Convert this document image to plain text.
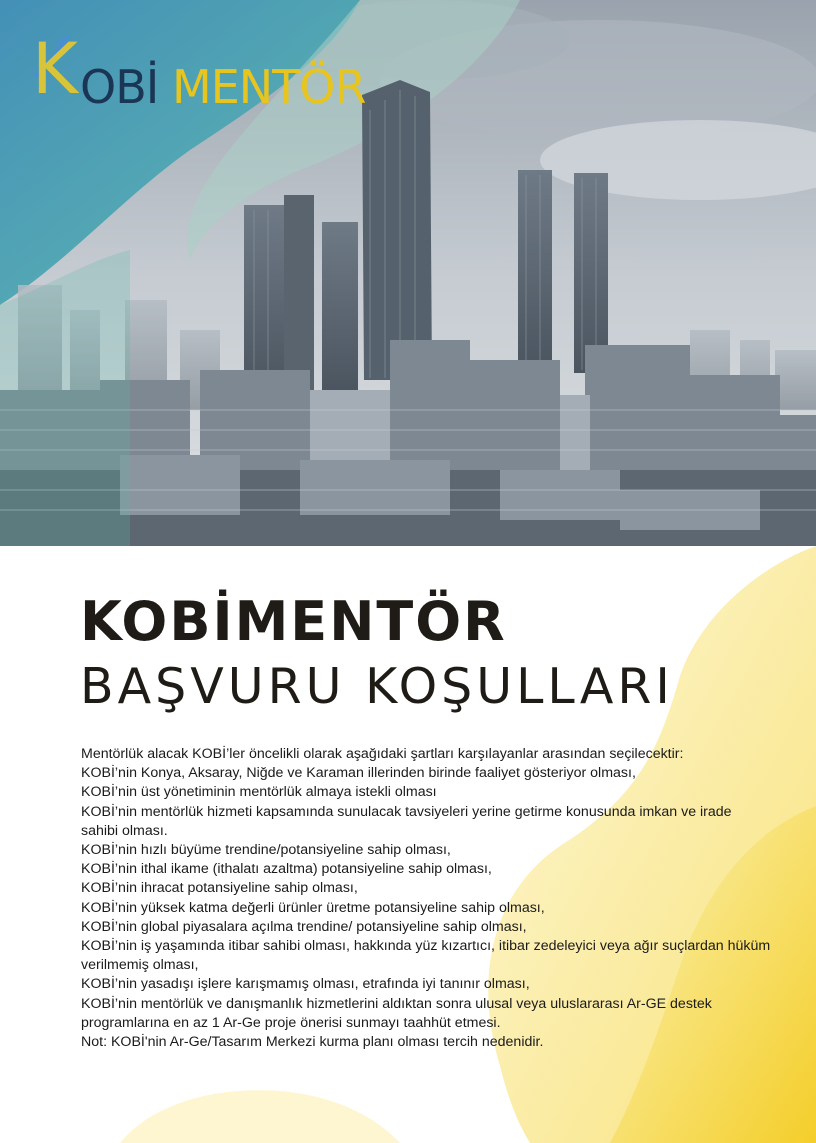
K OBİ MENTÖR
KOBİMENTÖR
BAŞVURU KOŞULLARI

Mentörlük alacak KOBİ’ler öncelikli olarak aşağıdaki şartları karşılayanlar arasından seçilecektir:

KOBİ’nin Konya, Aksaray, Niğde ve Karaman illerinden birinde faaliyet gösteriyor olması,

KOBİ’nin üst yönetiminin mentörlük almaya istekli olması

KOBİ’nin mentörlük hizmeti kapsamında sunulacak tavsiyeleri yerine getirme konusunda imkan ve irade sahibi olması.

KOBİ’nin hızlı büyüme trendine/potansiyeline sahip olması,

KOBİ’nin ithal ikame (ithalatı azaltma) potansiyeline sahip olması,

KOBİ’nin ihracat potansiyeline sahip olması,

KOBİ’nin yüksek katma değerli ürünler üretme potansiyeline sahip olması,

KOBİ’nin global piyasalara açılma trendine/ potansiyeline sahip olması,

KOBİ’nin iş yaşamında itibar sahibi olması, hakkında yüz kızartıcı, itibar zedeleyici veya ağır suçlardan hüküm verilmemiş olması,

KOBİ’nin yasadışı işlere karışmamış olması, etrafında iyi tanınır olması,

KOBİ’nin mentörlük ve danışmanlık hizmetlerini aldıktan sonra ulusal veya uluslararası Ar-GE destek programlarına en az 1 Ar-Ge proje önerisi sunmayı taahhüt etmesi.

Not: KOBİ'nin Ar-Ge/Tasarım Merkezi kurma planı olması tercih nedenidir.
